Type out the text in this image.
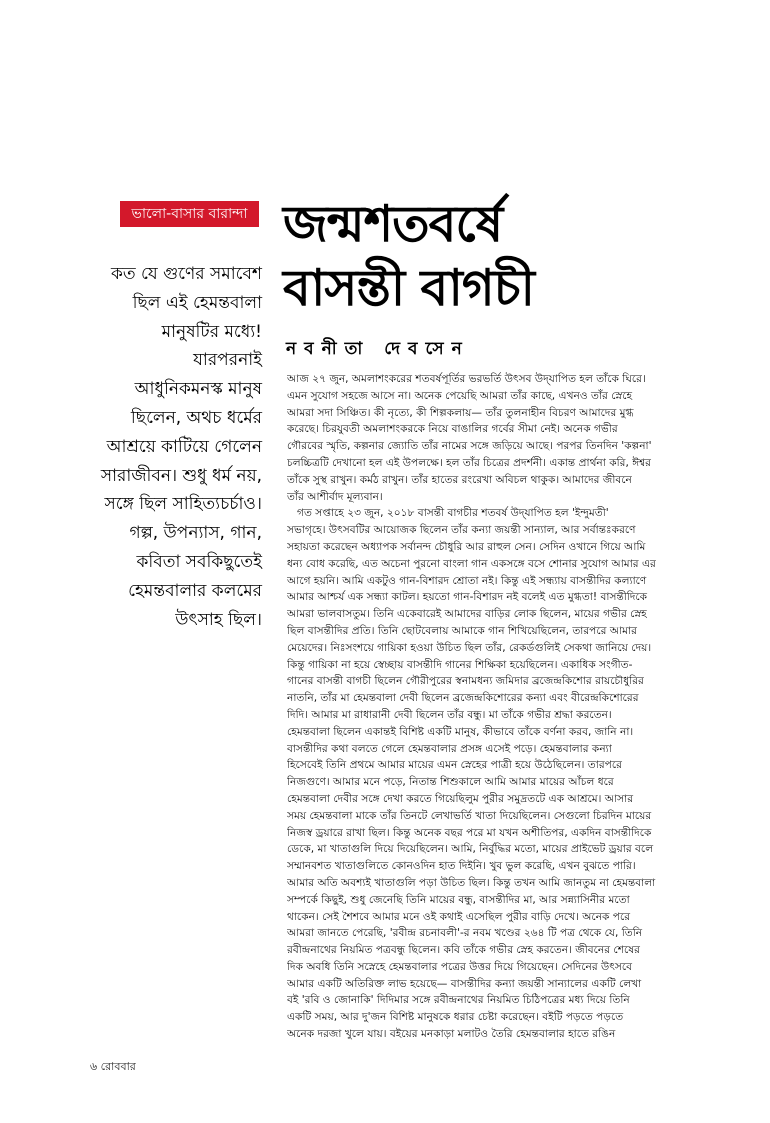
ভালো-বাসার বারান্দা জন্মশতবর্ষে
বাসন্তী বাগচী
নবনীতা দেবসেন
কত যে গুণের সমাবেশ
ছিল এই হেমন্তবালা
মানুষটির মধ্যে!
যারপরনাই
আধুনিকমনস্ক মানুষ
ছিলেন, অথচ ধর্মের
আশ্রয়ে কাটিয়ে গেলেন
সারাজীবন। শুধু ধর্ম নয়,
সঙ্গে ছিল সাহিত্যচর্চাও।
গল্প, উপন্যাস, গান,
কবিতা সবকিছুতেই
হেমন্তবালার কলমের
উৎসাহ ছিল।
আজ ২৭ জুন, অমলাশংকরের শতবর্ষপূর্তির ভরভর্তি উৎসব উদ্‌যাপিত হল তাঁকে ঘিরে।
এমন সুযোগ সহজে আসে না। অনেক পেয়েছি আমরা তাঁর কাছে, এখনও তাঁর স্নেহে
আমরা সদা সিঞ্চিত। কী নৃত্যে, কী শিল্পকলায়— তাঁর তুলনাহীন বিচরণ আমাদের মুগ্ধ
করেছে। চিরযুবতী অমলাশংকরকে নিয়ে বাঙালির গর্বের সীমা নেই। অনেক গভীর
গৌরবের স্মৃতি, কল্পনার জ্যোতি তাঁর নামের সঙ্গে জড়িয়ে আছে। পরপর তিনদিন 'কল্পনা'
চলচ্চিত্রটি দেখানো হল এই উপলক্ষে। হল তাঁর চিত্রের প্রদর্শনী। একান্ত প্রার্থনা করি, ঈশ্বর
তাঁকে সুস্থ রাখুন। কর্মঠ রাখুন। তাঁর হাতের রংরেখা অবিচল থাকুক। আমাদের জীবনে
তাঁর আশীর্বাদ মূল্যবান।
গত সপ্তাহে ২৩ জুন, ২০১৮ বাসন্তী বাগচীর শতবর্ষ উদ্‌যাপিত হল 'ইন্দুমতী'
সভাগৃহে। উৎসবটির আয়োজক ছিলেন তাঁর কন্যা জয়ন্তী সান্যাল, আর সর্বান্তঃকরণে
সহায়তা করেছেন অধ্যাপক সর্বানন্দ চৌধুরি আর রাহুল সেন। সেদিন ওখানে গিয়ে আমি
ধন্য বোধ করেছি, এত অচেনা পুরনো বাংলা গান একসঙ্গে বসে শোনার সুযোগ আমার এর
আগে হয়নি। আমি একটুও গান-বিশারদ শ্রোতা নই। কিন্তু এই সন্ধ্যায় বাসন্তীদির কল্যাণে
আমার আশ্চর্য এক সন্ধ্যা কাটল। হয়তো গান-বিশারদ নই বলেই এত মুগ্ধতা! বাসন্তীদিকে
আমরা ভালবাসতুম। তিনি একেবারেই আমাদের বাড়ির লোক ছিলেন, মায়ের গভীর স্নেহ
ছিল বাসন্তীদির প্রতি। তিনি ছোটবেলায় আমাকে গান শিখিয়েছিলেন, তারপরে আমার
মেয়েদের। নিঃসংশয়ে গায়িকা হওয়া উচিত ছিল তাঁর, রেকর্ডগুলিই সেকথা জানিয়ে দেয়।
কিন্তু গায়িকা না হয়ে স্বেচ্ছায় বাসন্তীদি গানের শিক্ষিকা হয়েছিলেন। একাধিক সংগীত-
গানের বাসন্তী বাগচী ছিলেন গৌরীপুরের স্বনামধন্য জমিদার ব্রজেন্দ্রকিশোর রায়চৌধুরির
নাতনি, তাঁর মা হেমন্তবালা দেবী ছিলেন ব্রজেন্দ্রকিশোরের কন্যা এবং বীরেন্দ্রকিশোরের
দিদি। আমার মা রাধারানী দেবী ছিলেন তাঁর বন্ধু। মা তাঁকে গভীর শ্রদ্ধা করতেন।
হেমন্তবালা ছিলেন একান্তই বিশিষ্ট একটি মানুষ, কীভাবে তাঁকে বর্ণনা করব, জানি না।
বাসন্তীদির কথা বলতে গেলে হেমন্তবালার প্রসঙ্গ এসেই পড়ে। হেমন্তবালার কন্যা
হিসেবেই তিনি প্রথমে আমার মায়ের এমন স্নেহের পাত্রী হয়ে উঠেছিলেন। তারপরে
নিজগুণে। আমার মনে পড়ে, নিতান্ত শিশুকালে আমি আমার মায়ের আঁচল ধরে
হেমন্তবালা দেবীর সঙ্গে দেখা করতে গিয়েছিলুম পুরীর সমুদ্রতটে এক আশ্রমে। আসার
সময় হেমন্তবালা মাকে তাঁর তিনটে লেখাভর্তি খাতা দিয়েছিলেন। সেগুলো চিরদিন মায়ের
নিজস্ব ড্রয়ারে রাখা ছিল। কিন্তু অনেক বছর পরে মা যখন অশীতিপর, একদিন বাসন্তীদিকে
ডেকে, মা খাতাগুলি দিয়ে দিয়েছিলেন। আমি, নির্বুদ্ধির মতো, মায়ের প্রাইভেট ড্রয়ার বলে
সম্মানবশত খাতাগুলিতে কোনওদিন হাত দিইনি। খুব ভুল করেছি, এখন বুঝতে পারি।
আমার অতি অবশ্যই খাতাগুলি পড়া উচিত ছিল। কিন্তু তখন আমি জানতুম না হেমন্তবালা
সম্পর্কে কিছুই, শুধু জেনেছি তিনি মায়ের বন্ধু, বাসন্তীদির মা, আর সন্ন্যাসিনীর মতো
থাকেন। সেই শৈশবে আমার মনে ওই কথাই এসেছিল পুরীর বাড়ি দেখে। অনেক পরে
আমরা জানতে পেরেছি, 'রবীন্দ্র রচনাবলী'-র নবম খণ্ডের ২৬৪ টি পত্র থেকে যে, তিনি
রবীন্দ্রনাথের নিয়মিত পত্রবন্ধু ছিলেন। কবি তাঁকে গভীর স্নেহ করতেন। জীবনের শেষের
দিক অবধি তিনি সস্নেহে হেমন্তবালার পত্রের উত্তর দিয়ে গিয়েছেন। সেদিনের উৎসবে
আমার একটি অতিরিক্ত লাভ হয়েছে— বাসন্তীদির কন্যা জয়ন্তী সান্যালের একটি লেখা
বই 'রবি ও জোনাকি' দিদিমার সঙ্গে রবীন্দ্রনাথের নিয়মিত চিঠিপত্রের মধ্য দিয়ে তিনি
একটি সময়, আর দু'জন বিশিষ্ট মানুষকে ধরার চেষ্টা করেছেন। বইটি পড়তে পড়তে
অনেক দরজা খুলে যায়। বইয়ের মনকাড়া মলাটও তৈরি হেমন্তবালার হাতে রঙিন
৬ রোববার
